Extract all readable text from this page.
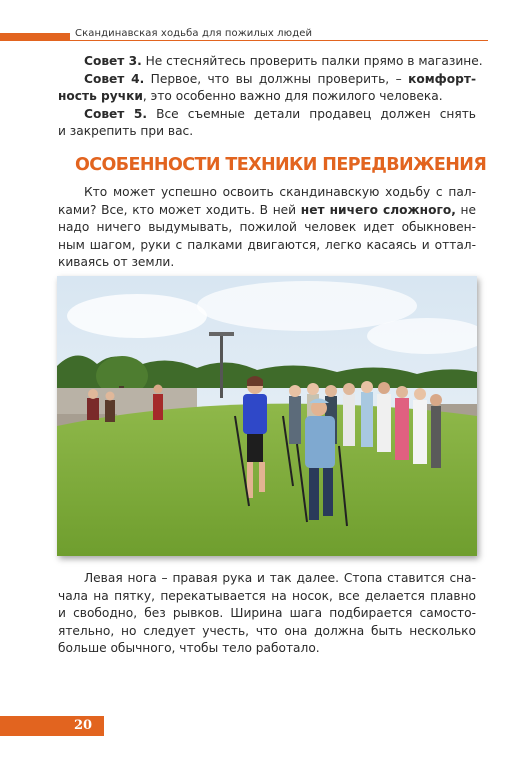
Скандинавская ходьба для пожилых людей
Совет 3. Не стесняйтесь проверить палки прямо в магазине.
Совет 4. Первое, что вы должны проверить, – комфорт-
ность ручки, это особенно важно для пожилого человека.
Совет 5. Все съемные детали продавец должен снять
и закрепить при вас.
ОСОБЕННОСТИ ТЕХНИКИ ПЕРЕДВИЖЕНИЯ
Кто может успешно освоить скандинавскую ходьбу с пал-
ками? Все, кто может ходить. В ней нет ничего сложного, не
надо ничего выдумывать, пожилой человек идет обыкновен-
ным шагом, руки с палками двигаются, легко касаясь и оттал-
киваясь от земли.
Левая нога – правая рука и так далее. Стопа ставится сна-
чала на пятку, перекатывается на носок, все делается плавно
и свободно, без рывков. Ширина шага подбирается самосто-
ятельно, но следует учесть, что она должна быть несколько
больше обычного, чтобы тело работало.
20
